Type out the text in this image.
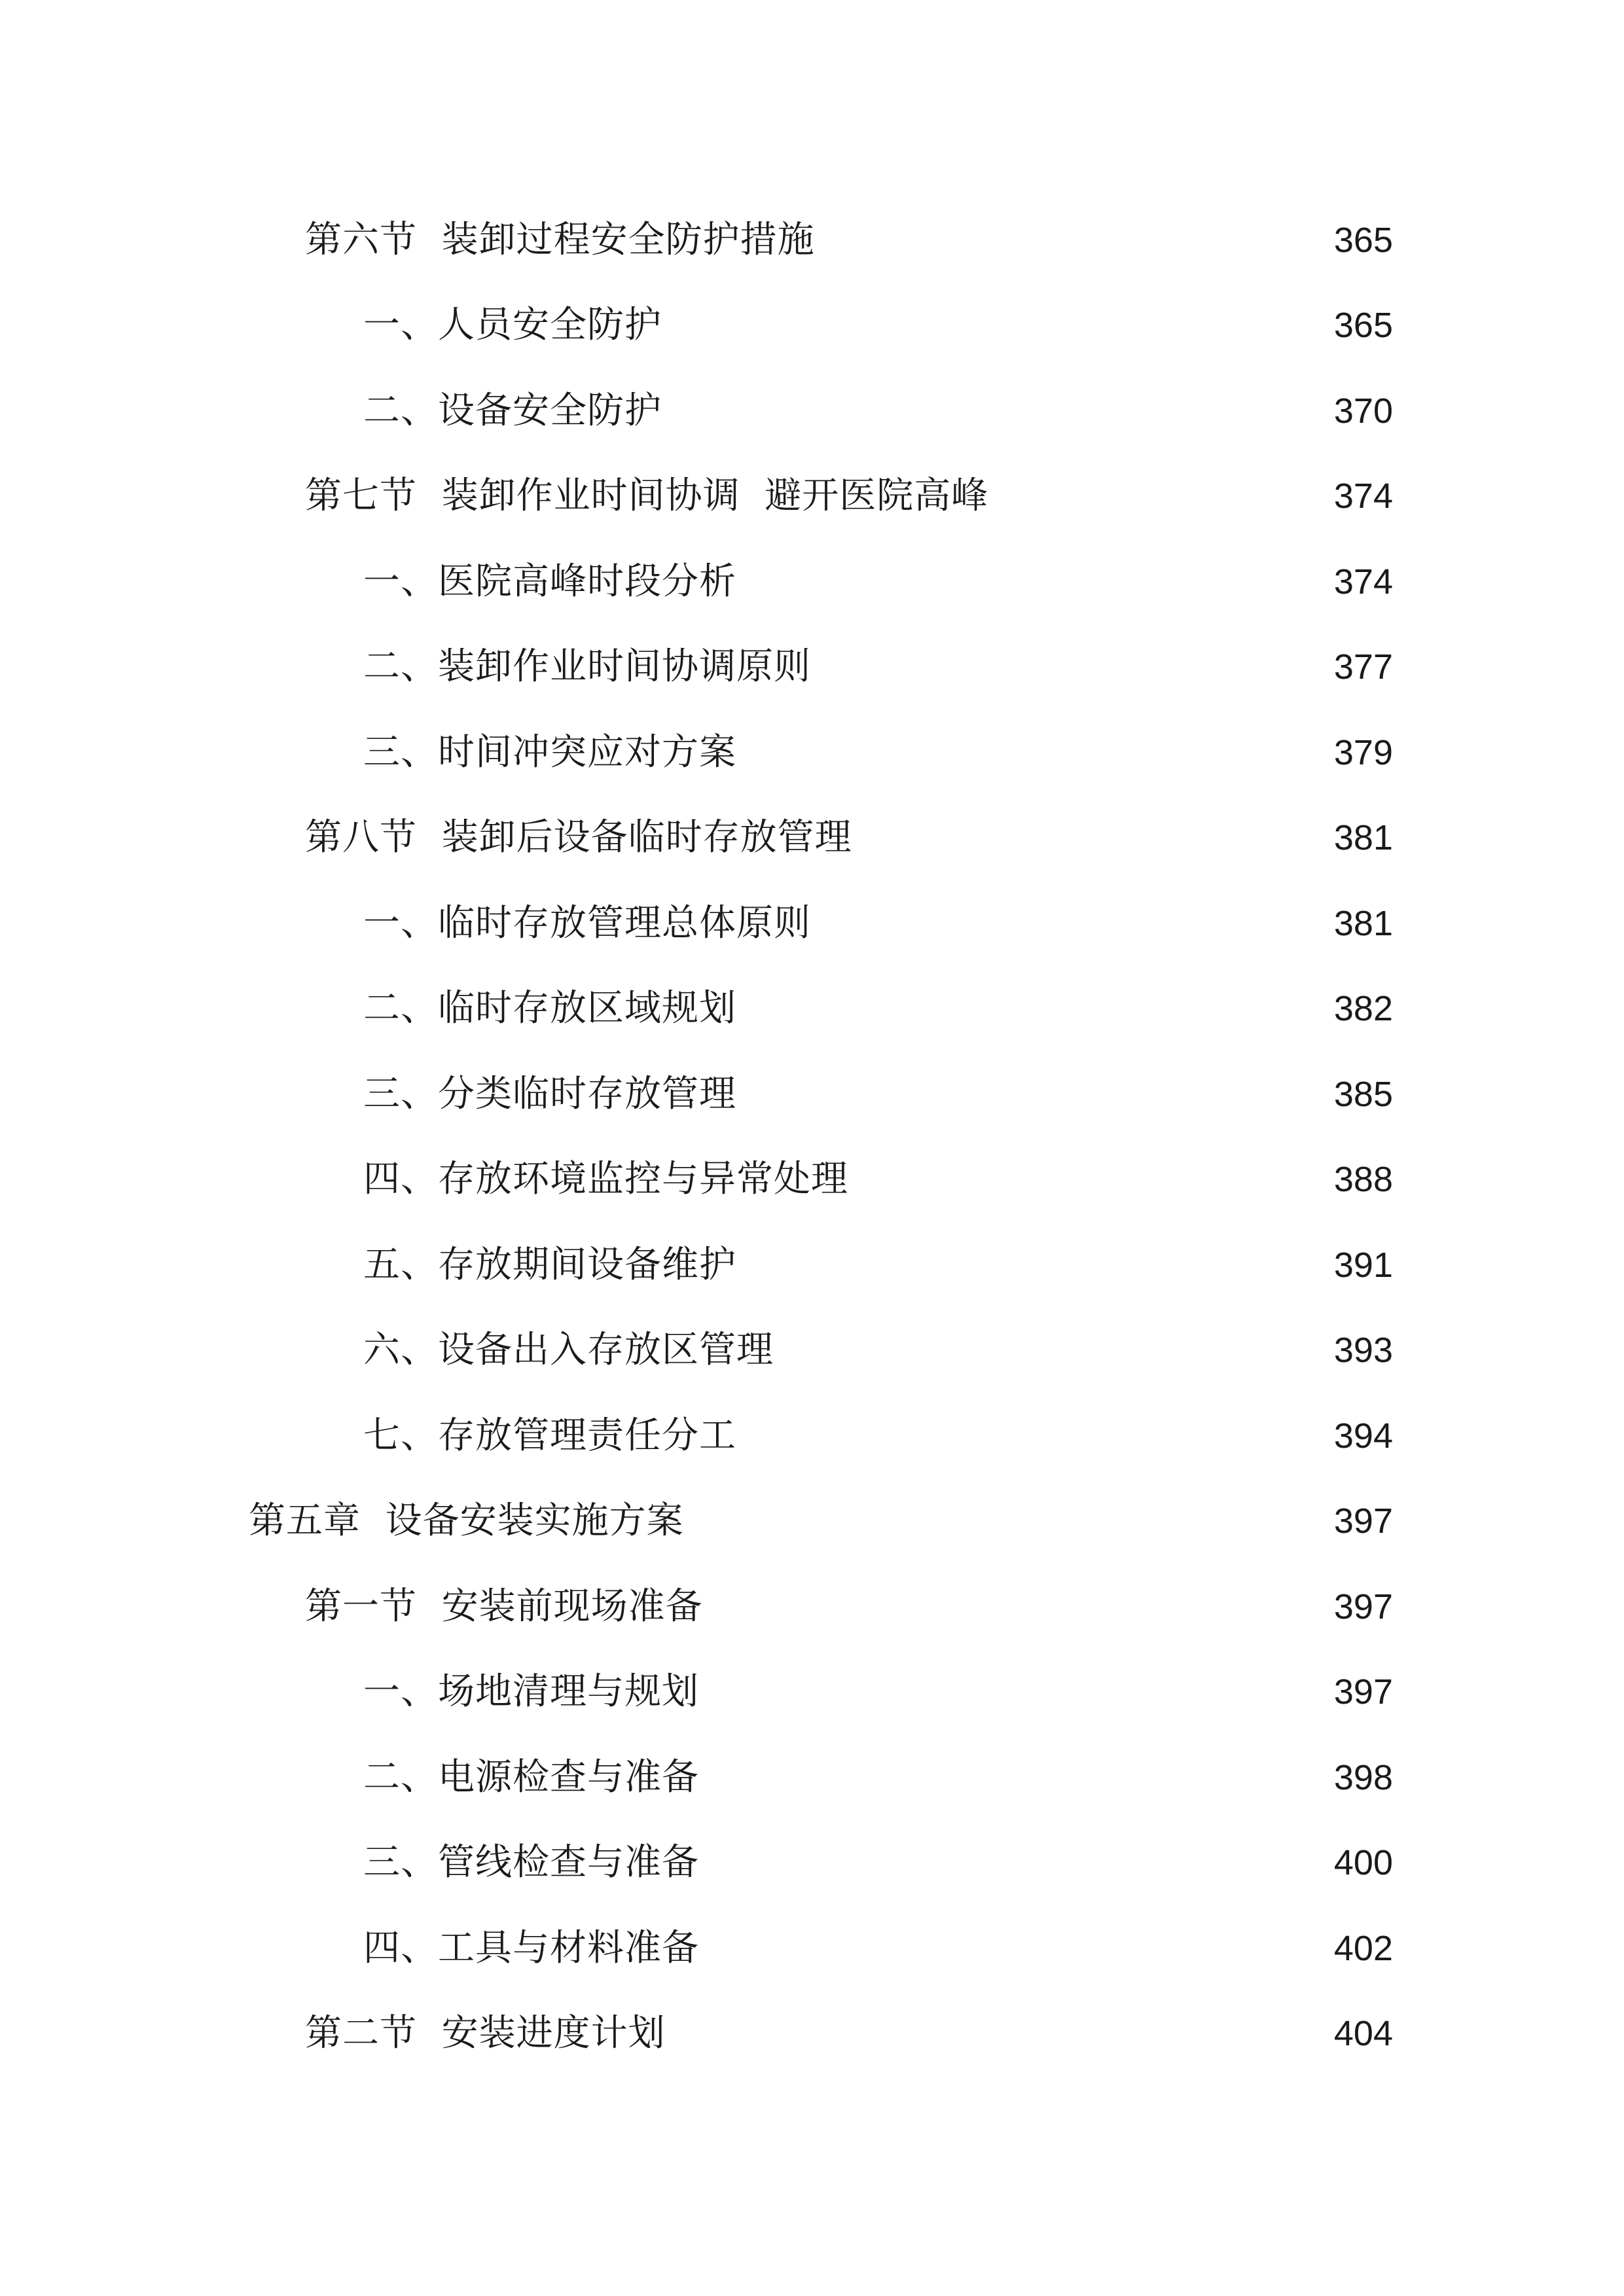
第六节  装卸过程安全防护措施	365
一、人员安全防护	365
二、设备安全防护	370
第七节  装卸作业时间协调  避开医院高峰	374
一、医院高峰时段分析	374
二、装卸作业时间协调原则	377
三、时间冲突应对方案	379
第八节  装卸后设备临时存放管理	381
一、临时存放管理总体原则	381
二、临时存放区域规划	382
三、分类临时存放管理	385
四、存放环境监控与异常处理	388
五、存放期间设备维护	391
六、设备出入存放区管理	393
七、存放管理责任分工	394
第五章  设备安装实施方案	397
第一节  安装前现场准备	397
一、场地清理与规划	397
二、电源检查与准备	398
三、管线检查与准备	400
四、工具与材料准备	402
第二节  安装进度计划	404
